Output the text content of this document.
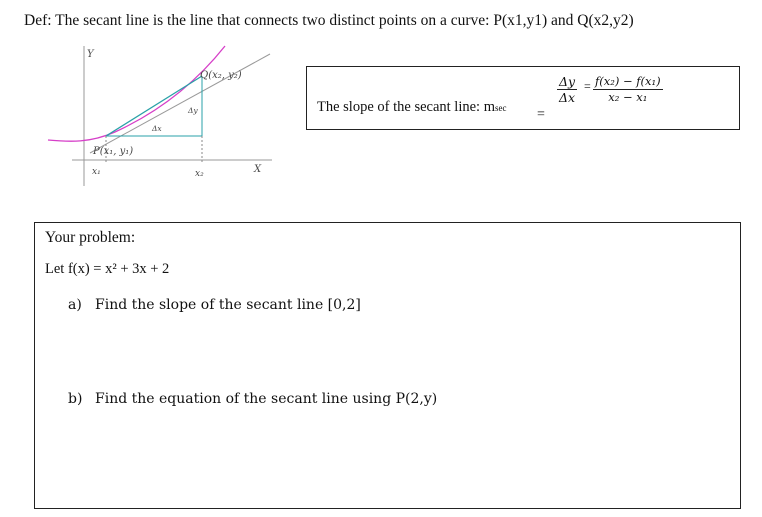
Def: The secant line is the line that connects two distinct points on a curve: P(x1,y1) and Q(x2,y2)
Y
X
Q(x₂, y₂)
P(x₁, y₁)
Δy
Δx
x₁	x₂
The slope of the secant line: msec =
$\frac{\Delta y}{\Delta x} = \frac{\text{f(x₂) − f(x₁)}}{\text{x₂ − x₁}}$
Your problem:
Let f(x) = x² + 3x + 2
a) Find the slope of the secant line [0,2]
b) Find the equation of the secant line using P(2,y)
